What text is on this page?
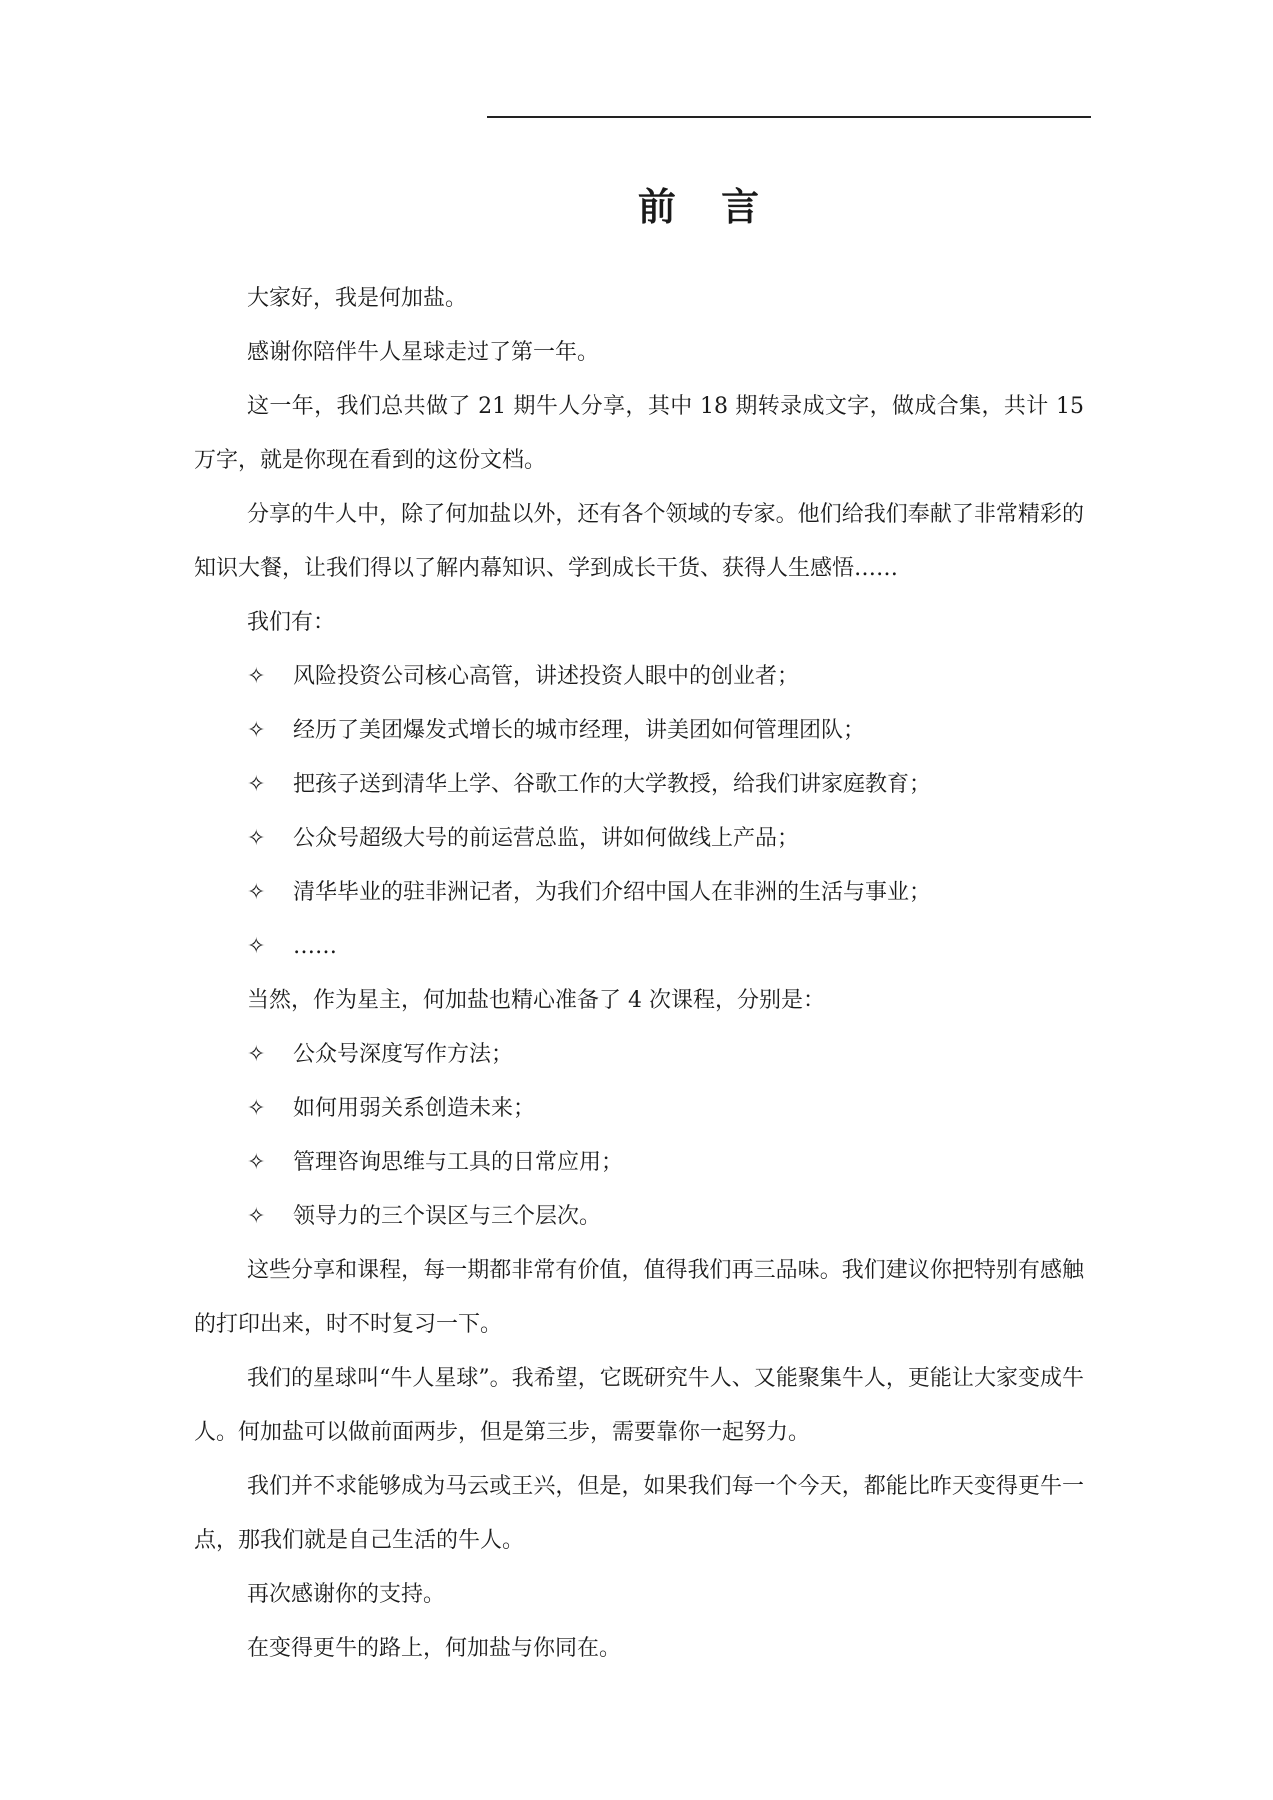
前 言

大家好，我是何加盐。

感谢你陪伴牛人星球走过了第一年。

这一年，我们总共做了 21 期牛人分享，其中 18 期转录成文字，做成合集，共计 15 万字，就是你现在看到的这份文档。

分享的牛人中，除了何加盐以外，还有各个领域的专家。他们给我们奉献了非常精彩的知识大餐，让我们得以了解内幕知识、学到成长干货、获得人生感悟……

我们有：

✧	风险投资公司核心高管，讲述投资人眼中的创业者；
✧	经历了美团爆发式增长的城市经理，讲美团如何管理团队；
✧	把孩子送到清华上学、谷歌工作的大学教授，给我们讲家庭教育；
✧	公众号超级大号的前运营总监，讲如何做线上产品；
✧	清华毕业的驻非洲记者，为我们介绍中国人在非洲的生活与事业；
✧	……

当然，作为星主，何加盐也精心准备了 4 次课程，分别是：

✧	公众号深度写作方法；
✧	如何用弱关系创造未来；
✧	管理咨询思维与工具的日常应用；
✧	领导力的三个误区与三个层次。

这些分享和课程，每一期都非常有价值，值得我们再三品味。我们建议你把特别有感触的打印出来，时不时复习一下。

我们的星球叫“牛人星球”。我希望，它既研究牛人、又能聚集牛人，更能让大家变成牛人。何加盐可以做前面两步，但是第三步，需要靠你一起努力。

我们并不求能够成为马云或王兴，但是，如果我们每一个今天，都能比昨天变得更牛一点，那我们就是自己生活的牛人。

再次感谢你的支持。

在变得更牛的路上，何加盐与你同在。
